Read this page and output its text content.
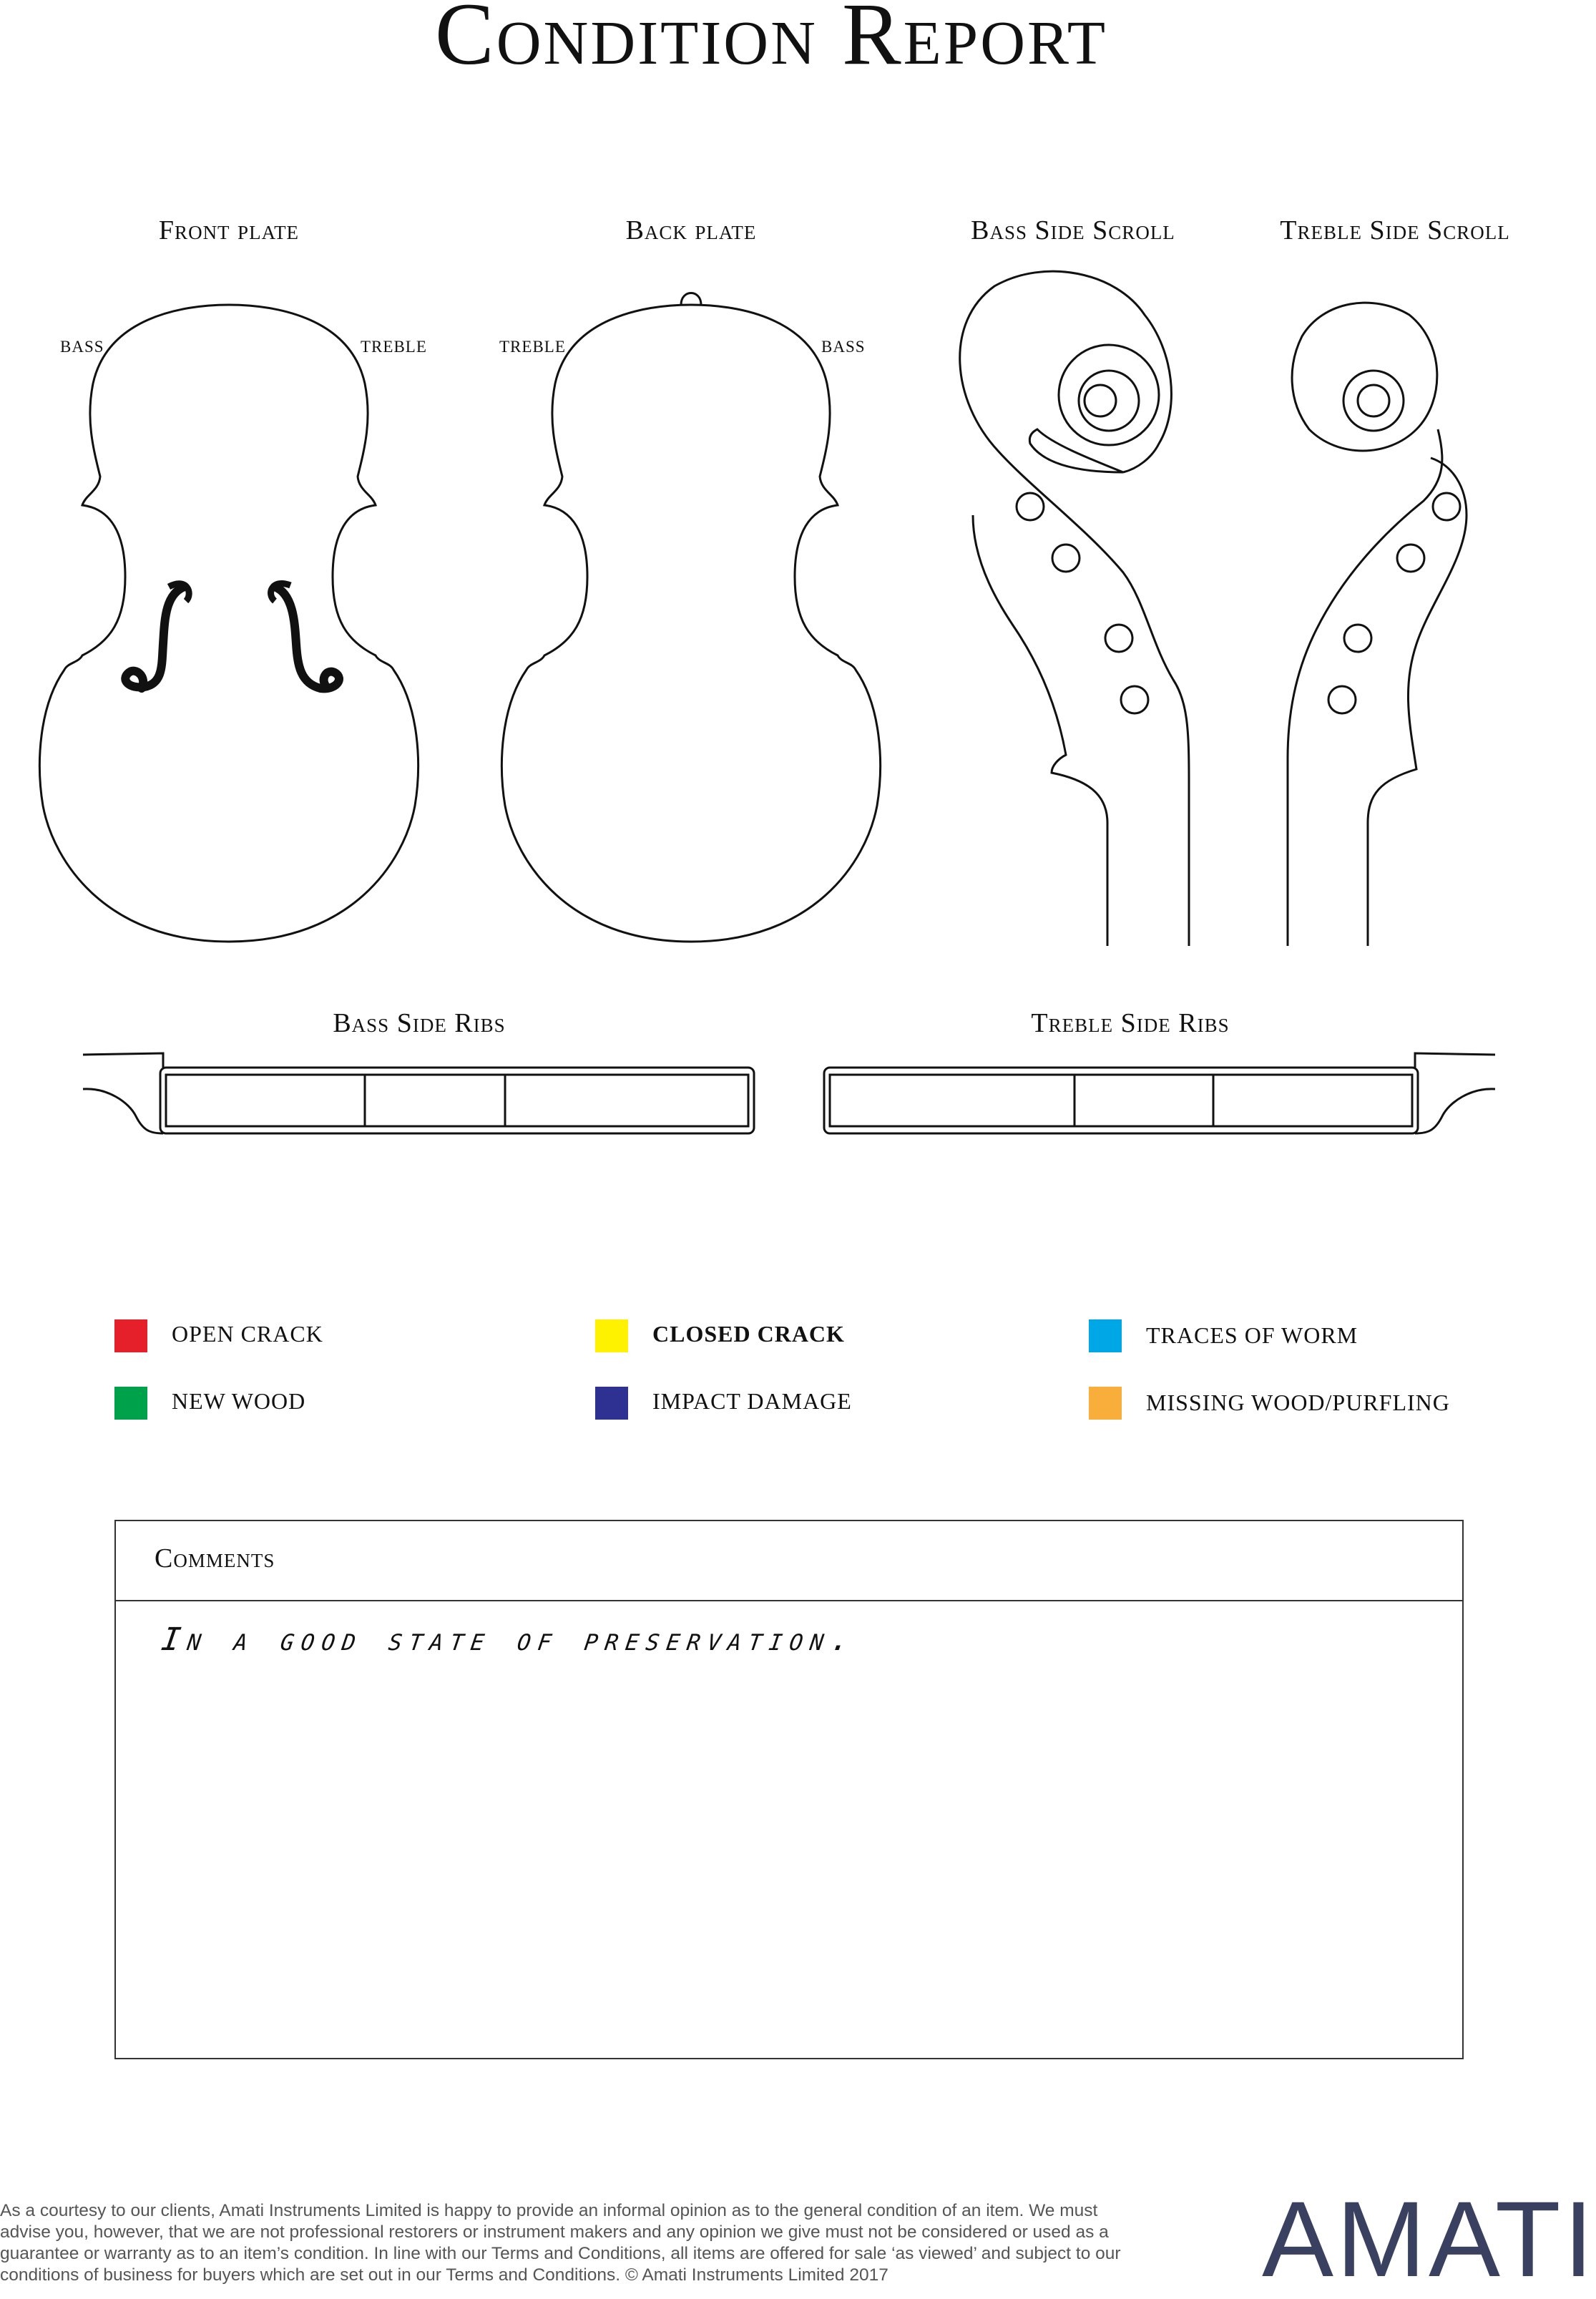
Condition Report
Front plate	Back plate	Bass Side Scroll	Treble Side Scroll
Bass Side Ribs	Treble Side Ribs
BASS	TREBLE	TREBLE	BASS
OPEN CRACK	CLOSED CRACK	TRACES OF WORM
NEW WOOD	IMPACT DAMAGE	MISSING WOOD/PURFLING
Comments
In a good state of preservation.
As a courtesy to our clients, Amati Instruments Limited is happy to provide an informal opinion as to the general condition of an item. We must advise you, however, that we are not professional restorers or instrument makers and any opinion we give must not be considered or used as a guarantee or warranty as to an item’s condition. In line with our Terms and Conditions, all items are offered for sale ‘as viewed’ and subject to our conditions of business for buyers which are set out in our Terms and Conditions. © Amati Instruments Limited 2017	AMATI
